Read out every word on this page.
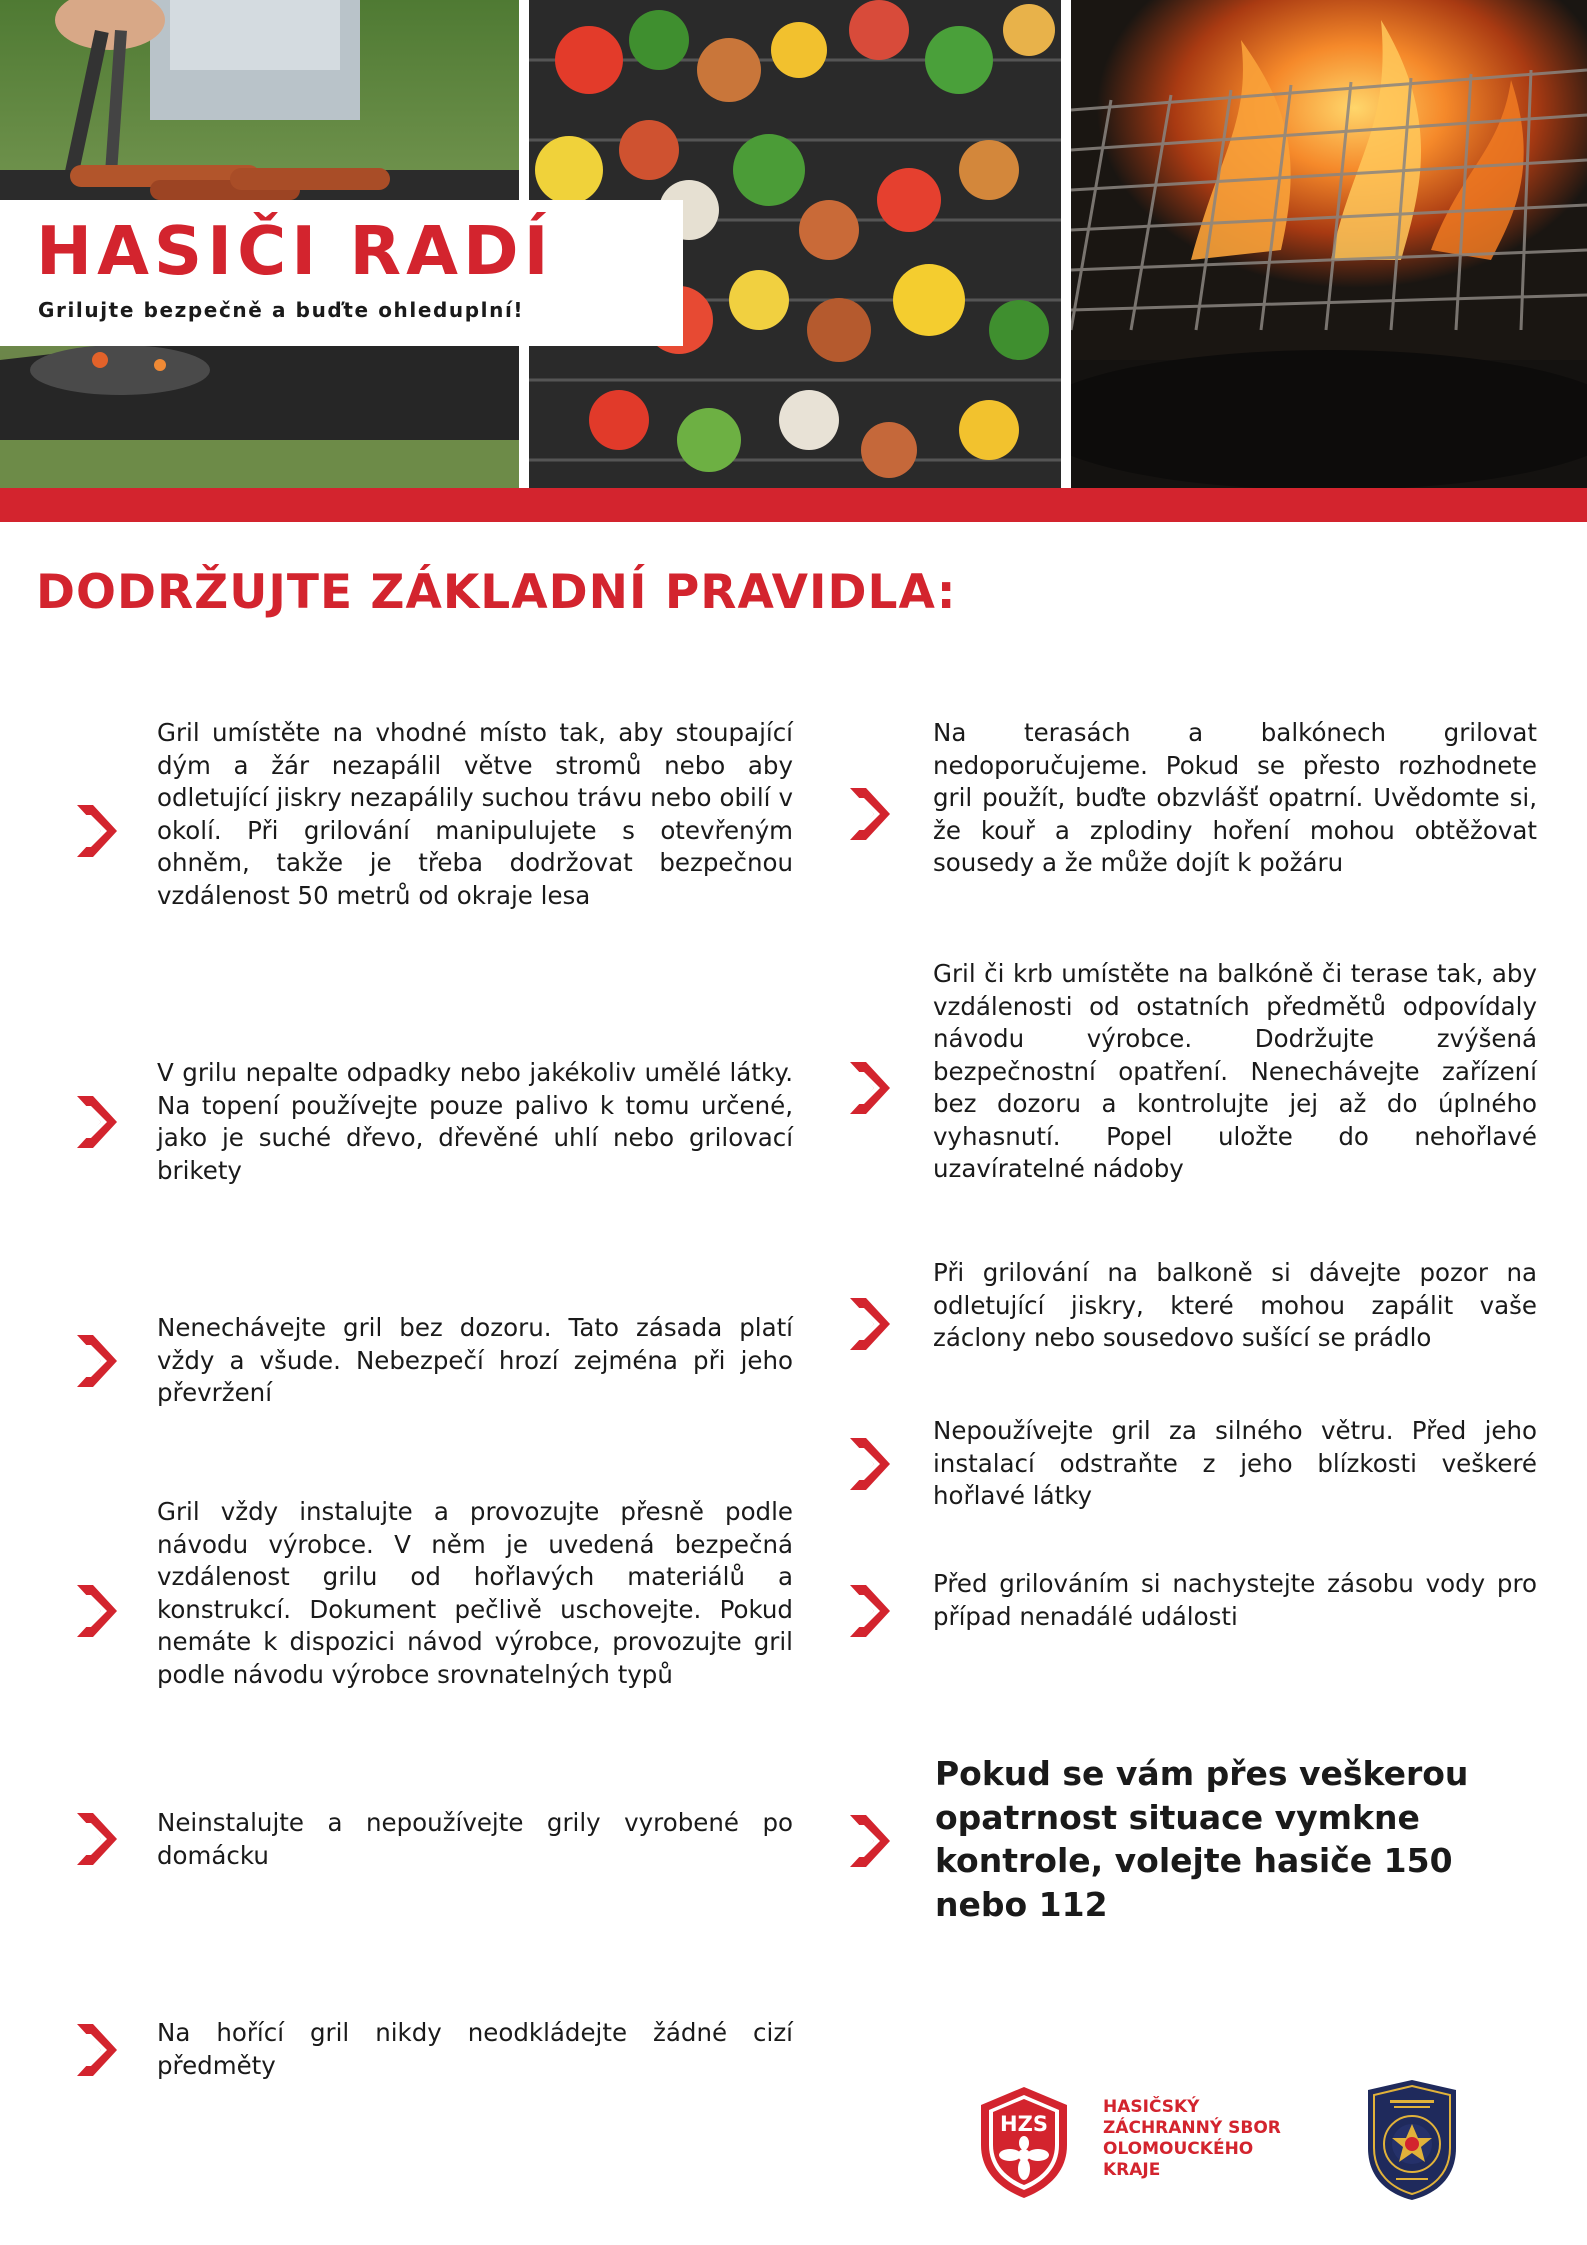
HASIČI RADÍ
Grilujte bezpečně a buďte ohleduplní!
DODRŽUJTE ZÁKLADNÍ PRAVIDLA:
Gril umístěte na vhodné místo tak, aby stoupající dým a žár nezapálil větve stromů nebo aby odletující jiskry nezapálily suchou trávu nebo obilí v okolí. Při grilování manipulujete s otevřeným ohněm, takže je třeba dodržovat bezpečnou vzdálenost 50 metrů od okraje lesa
V grilu nepalte odpadky nebo jakékoliv umělé látky. Na topení používejte pouze palivo k tomu určené, jako je suché dřevo, dřevěné uhlí nebo grilovací brikety
Nenechávejte gril bez dozoru. Tato zásada platí vždy a všude. Nebezpečí hrozí zejména při jeho převržení
Gril vždy instalujte a provozujte přesně podle návodu výrobce. V něm je uvedená bezpečná vzdálenost grilu od hořlavých materiálů a konstrukcí. Dokument pečlivě uschovejte. Pokud nemáte k dispozici návod výrobce, provozujte gril podle návodu výrobce srovnatelných typů
Neinstalujte a nepoužívejte grily vyrobené po domácku
Na hořící gril nikdy neodkládejte žádné cizí předměty
Na terasách a balkónech grilovat nedoporučujeme. Pokud se přesto rozhodnete gril použít, buďte obzvlášť opatrní. Uvědomte si, že kouř a zplodiny hoření mohou obtěžovat sousedy a že může dojít k požáru
Gril či krb umístěte na balkóně či terase tak, aby vzdálenosti od ostatních předmětů odpovídaly návodu výrobce. Dodržujte zvýšená bezpečnostní opatření. Nenechávejte zařízení bez dozoru a kontrolujte jej až do úplného vyhasnutí. Popel uložte do nehořlavé uzavíratelné nádoby
Při grilování na balkoně si dávejte pozor na odletující jiskry, které mohou zapálit vaše záclony nebo sousedovo sušící se prádlo
Nepoužívejte gril za silného větru. Před jeho instalací odstraňte z jeho blízkosti veškeré hořlavé látky
Před grilováním si nachystejte zásobu vody pro případ nenadálé události
Pokud se vám přes veškerou opatrnost situace vymkne kontrole, volejte hasiče 150 nebo 112
HZS
HASIČSKÝ
ZÁCHRANNÝ SBOR
OLOMOUCKÉHO
KRAJE
